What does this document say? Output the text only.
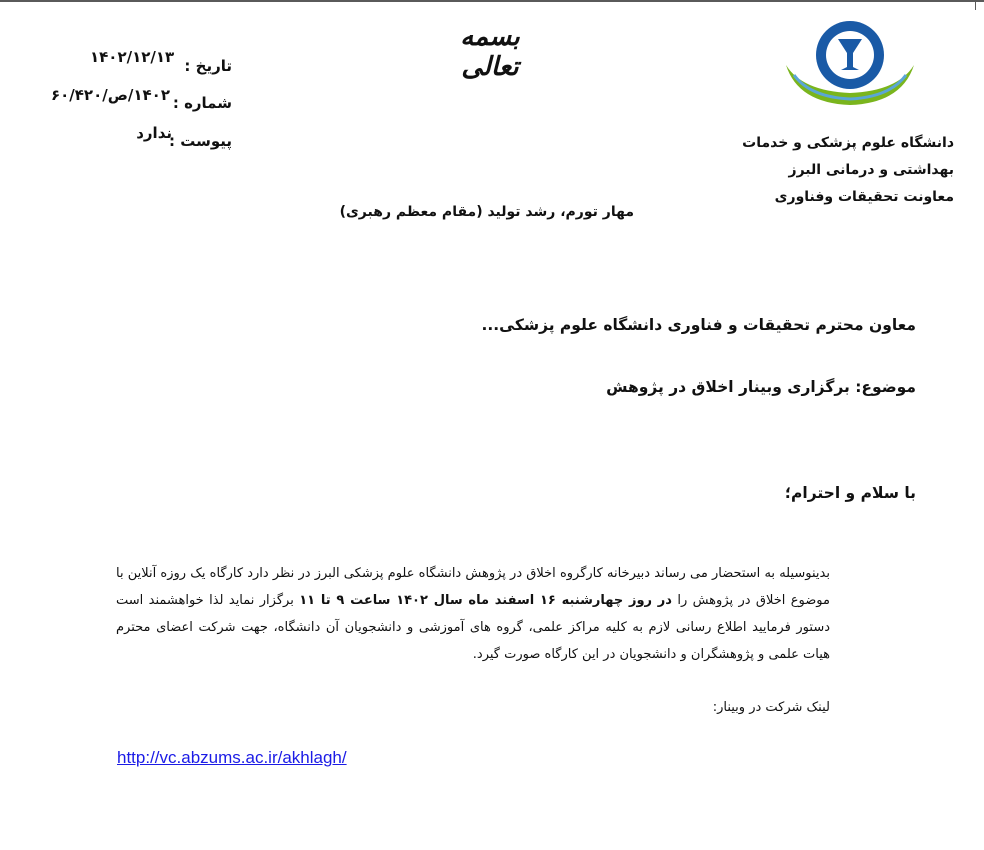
بسمه تعالی
تاریخ :
۱۴۰۲/۱۲/۱۳
شماره :
۱۴۰۲/ص/۶۰/۴۲۰
پیوست :
ندارد
دانشگاه علوم پزشکی و خدمات
بهداشتی و درمانی البرز
معاونت تحقیقات وفناوری
مهار تورم، رشد تولید (مقام معظم رهبری)
معاون محترم تحقیقات و فناوری دانشگاه علوم پزشکی...
موضوع: برگزاری وبینار اخلاق در پژوهش
با سلام و احترام؛
بدینوسیله به استحضار می رساند دبیرخانه کارگروه اخلاق در پژوهش دانشگاه علوم پزشکی البرز در نظر دارد کارگاه یک روزه آنلاین با موضوع اخلاق در پژوهش را در روز چهارشنبه ۱۶ اسفند ماه سال ۱۴۰۲ ساعت ۹ تا ۱۱ برگزار نماید لذا خواهشمند است دستور فرمایید اطلاع رسانی لازم به کلیه مراکز علمی، گروه های آموزشی و دانشجویان آن دانشگاه، جهت شرکت اعضای محترم هیات علمی و پژوهشگران و دانشجویان در این کارگاه صورت گیرد.
لینک شرکت در وبینار:
http://vc.abzums.ac.ir/akhlagh/
